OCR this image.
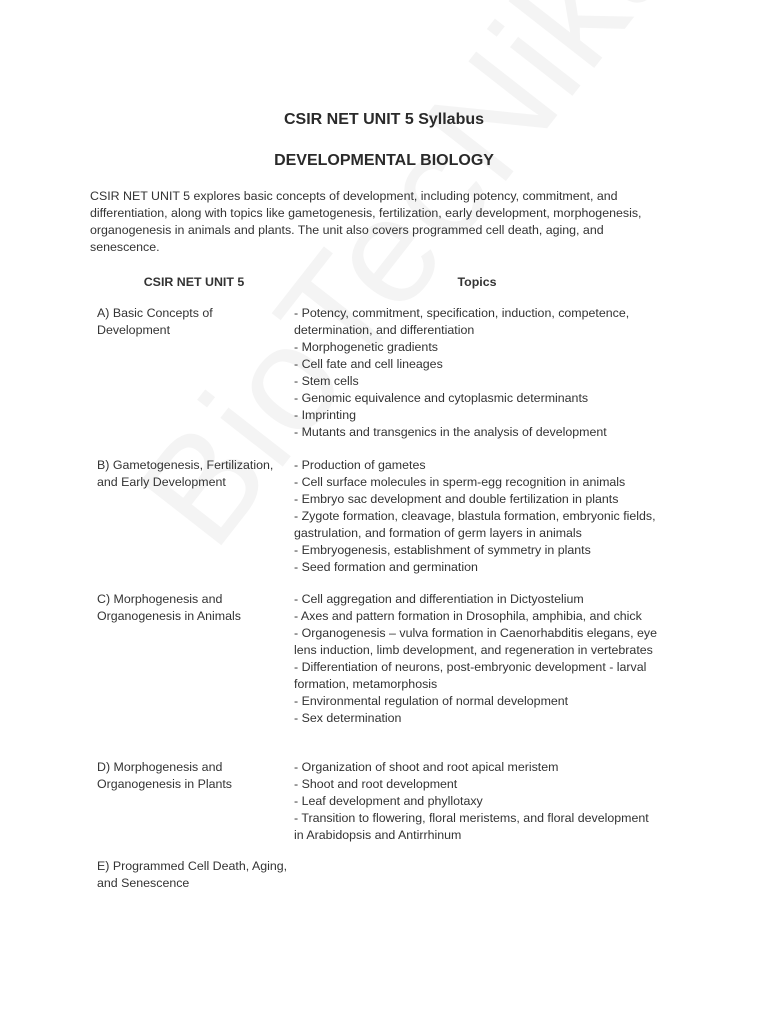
CSIR NET UNIT 5 Syllabus
DEVELOPMENTAL BIOLOGY

CSIR NET UNIT 5 explores basic concepts of development, including potency, commitment, and differentiation, along with topics like gametogenesis, fertilization, early development, morphogenesis, organogenesis in animals and plants. The unit also covers programmed cell death, aging, and senescence.

CSIR NET UNIT 5	Topics
A) Basic Concepts of Development
- Potency, commitment, specification, induction, competence, determination, and differentiation
- Morphogenetic gradients
- Cell fate and cell lineages
- Stem cells
- Genomic equivalence and cytoplasmic determinants
- Imprinting
- Mutants and transgenics in the analysis of development
B) Gametogenesis, Fertilization, and Early Development
- Production of gametes
- Cell surface molecules in sperm-egg recognition in animals
- Embryo sac development and double fertilization in plants
- Zygote formation, cleavage, blastula formation, embryonic fields, gastrulation, and formation of germ layers in animals
- Embryogenesis, establishment of symmetry in plants
- Seed formation and germination
C) Morphogenesis and Organogenesis in Animals
- Cell aggregation and differentiation in Dictyostelium
- Axes and pattern formation in Drosophila, amphibia, and chick
- Organogenesis – vulva formation in Caenorhabditis elegans, eye lens induction, limb development, and regeneration in vertebrates
- Differentiation of neurons, post-embryonic development - larval formation, metamorphosis
- Environmental regulation of normal development
- Sex determination
D) Morphogenesis and Organogenesis in Plants
- Organization of shoot and root apical meristem
- Shoot and root development
- Leaf development and phyllotaxy
- Transition to flowering, floral meristems, and floral development in Arabidopsis and Antirrhinum
E) Programmed Cell Death, Aging, and Senescence
